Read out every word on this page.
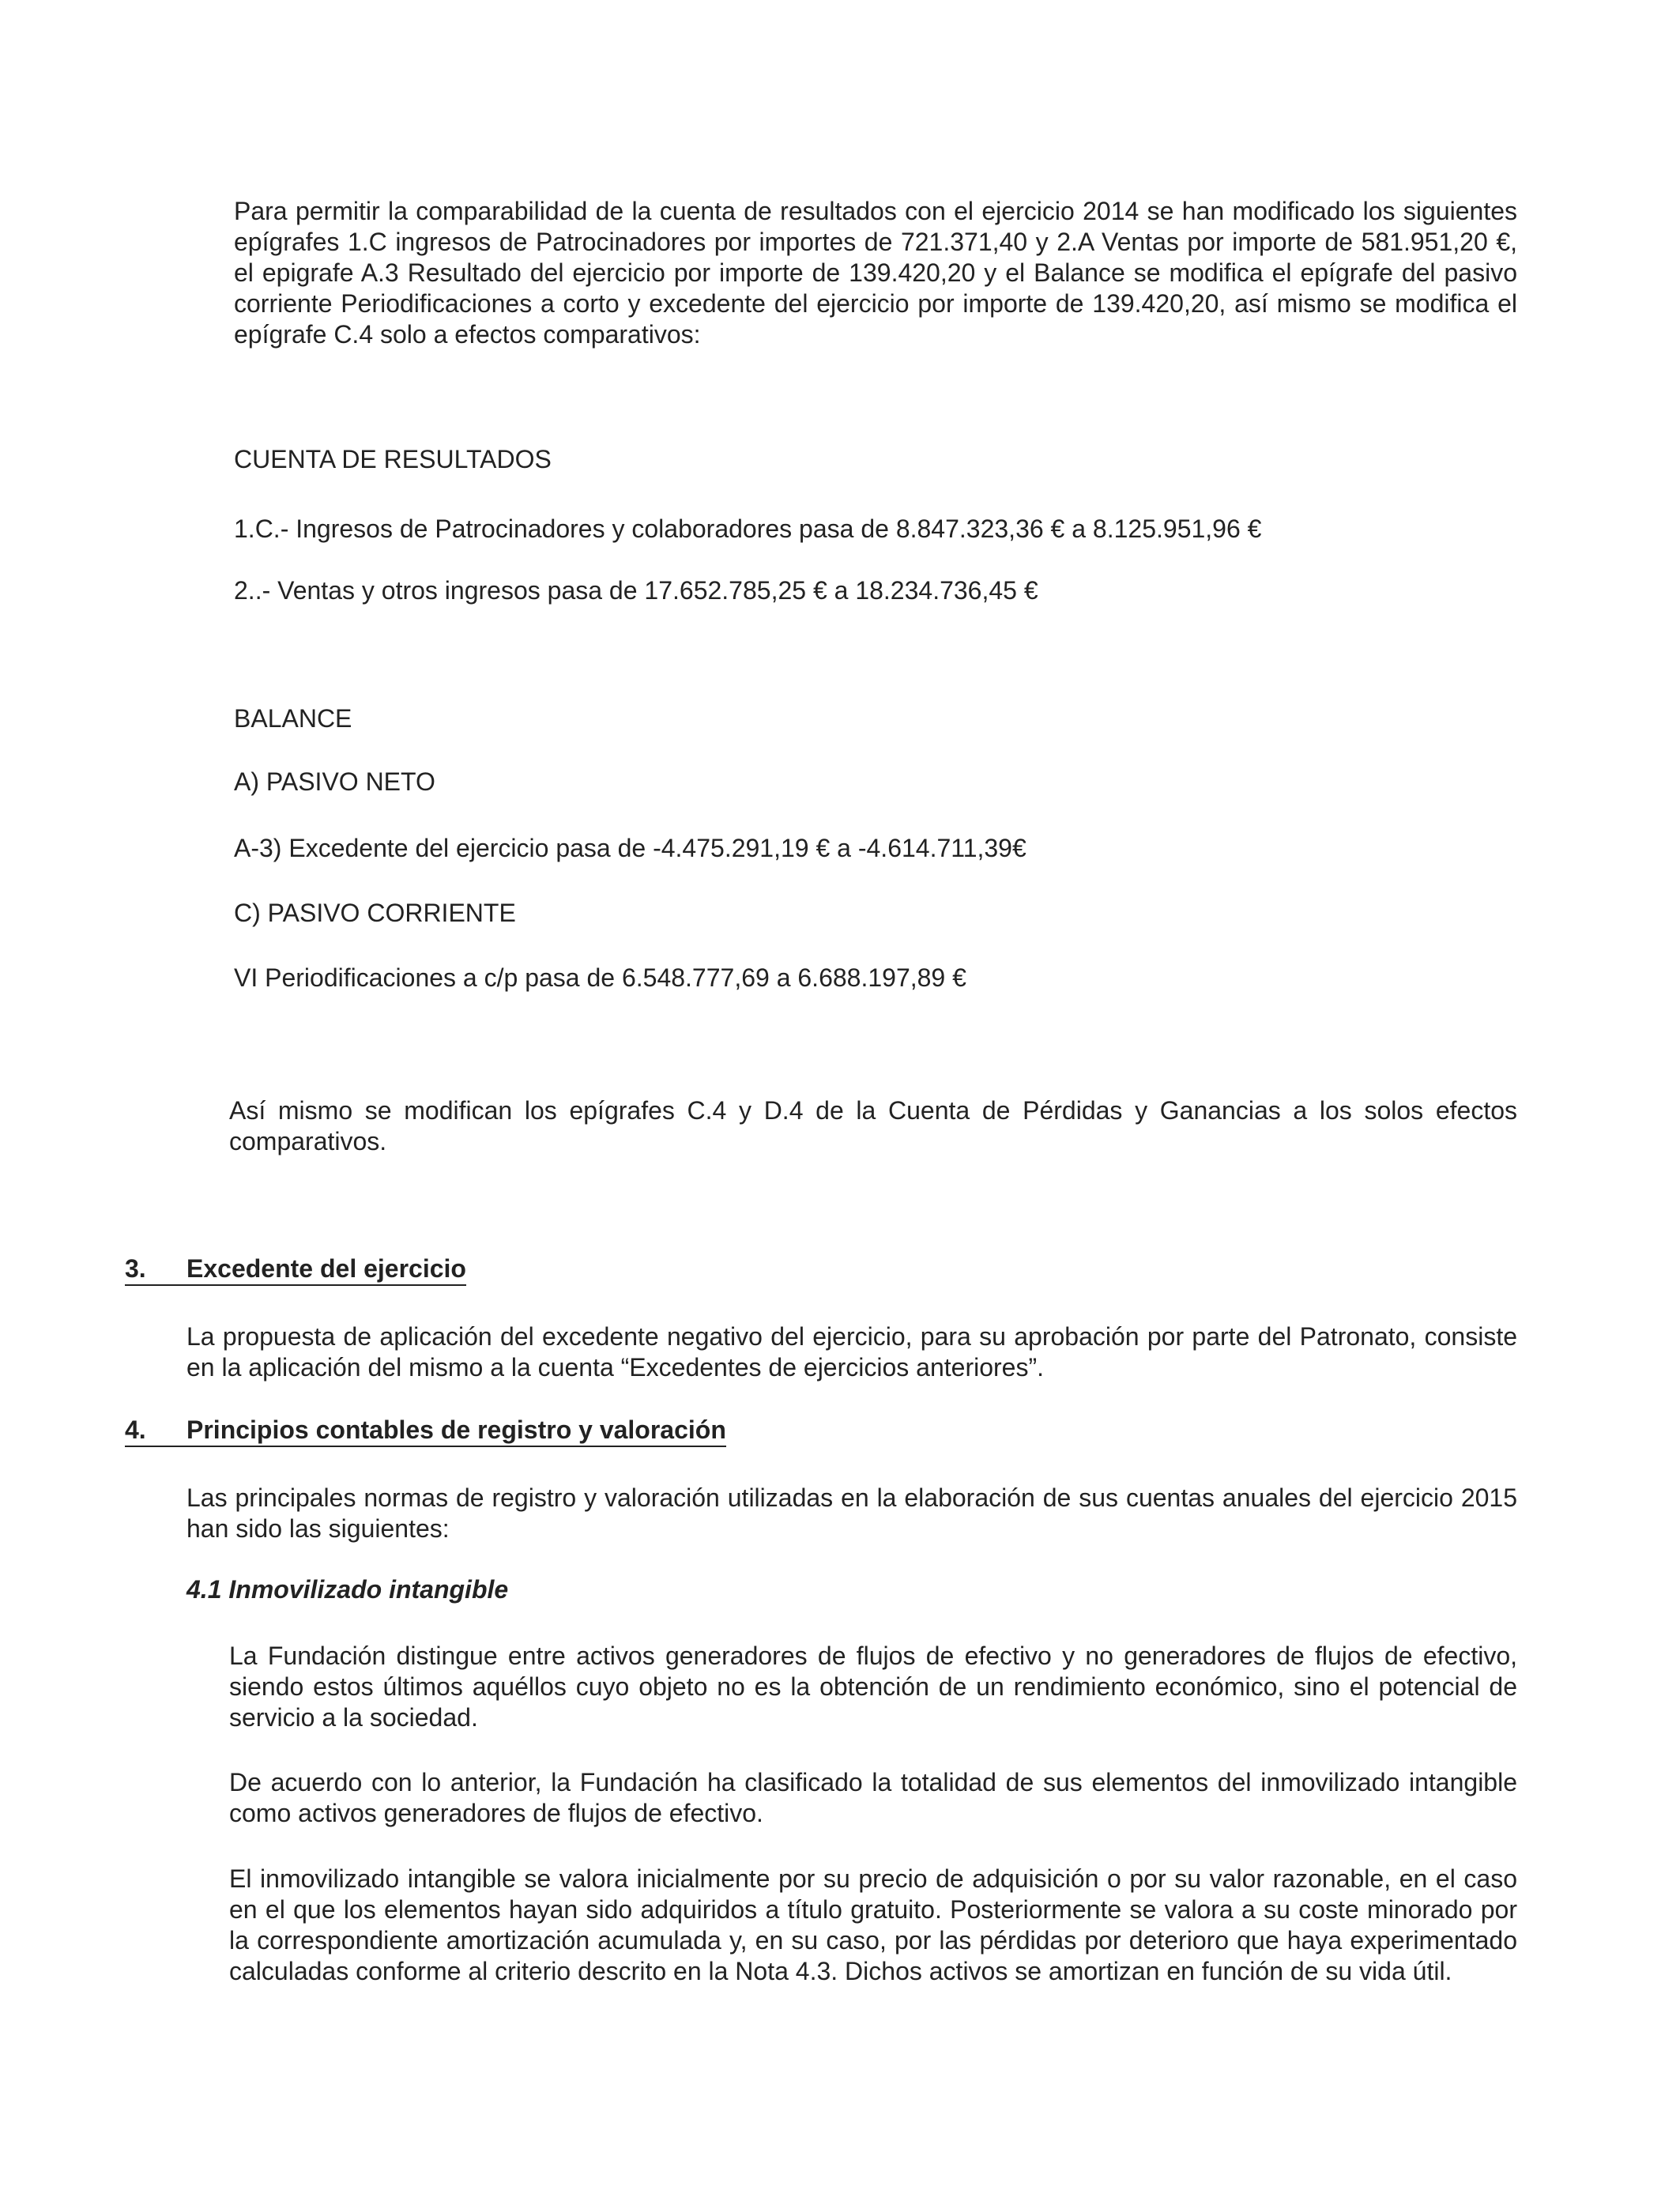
Para permitir la comparabilidad de la cuenta de resultados con el ejercicio 2014 se han modificado los siguientes epígrafes 1.C ingresos de Patrocinadores por importes de 721.371,40 y 2.A Ventas por importe de 581.951,20 €, el epigrafe A.3 Resultado del ejercicio por importe de 139.420,20 y el Balance se modifica el epígrafe del pasivo corriente Periodificaciones a corto y excedente del ejercicio por importe de 139.420,20, así mismo se modifica el epígrafe C.4 solo a efectos comparativos:

CUENTA DE RESULTADOS

1.C.- Ingresos de Patrocinadores y colaboradores pasa de 8.847.323,36 € a 8.125.951,96 €

2..- Ventas y otros ingresos pasa de 17.652.785,25 € a 18.234.736,45 €

BALANCE

A) PASIVO NETO

A-3) Excedente del ejercicio pasa de -4.475.291,19 € a -4.614.711,39€

C) PASIVO CORRIENTE

VI Periodificaciones a c/p pasa de 6.548.777,69 a 6.688.197,89 €

Así mismo se modifican los epígrafes C.4 y D.4 de la Cuenta de Pérdidas y Ganancias a los solos efectos comparativos.

3. Excedente del ejercicio

La propuesta de aplicación del excedente negativo del ejercicio, para su aprobación por parte del Patronato, consiste en la aplicación del mismo a la cuenta “Excedentes de ejercicios anteriores”.

4. Principios contables de registro y valoración

Las principales normas de registro y valoración utilizadas en la elaboración de sus cuentas anuales del ejercicio 2015 han sido las siguientes:

4.1 Inmovilizado intangible

La Fundación distingue entre activos generadores de flujos de efectivo y no generadores de flujos de efectivo, siendo estos últimos aquéllos cuyo objeto no es la obtención de un rendimiento económico, sino el potencial de servicio a la sociedad.

De acuerdo con lo anterior, la Fundación ha clasificado la totalidad de sus elementos del inmovilizado intangible como activos generadores de flujos de efectivo.

El inmovilizado intangible se valora inicialmente por su precio de adquisición o por su valor razonable, en el caso en el que los elementos hayan sido adquiridos a título gratuito. Posteriormente se valora a su coste minorado por la correspondiente amortización acumulada y, en su caso, por las pérdidas por deterioro que haya experimentado calculadas conforme al criterio descrito en la Nota 4.3. Dichos activos se amortizan en función de su vida útil.
